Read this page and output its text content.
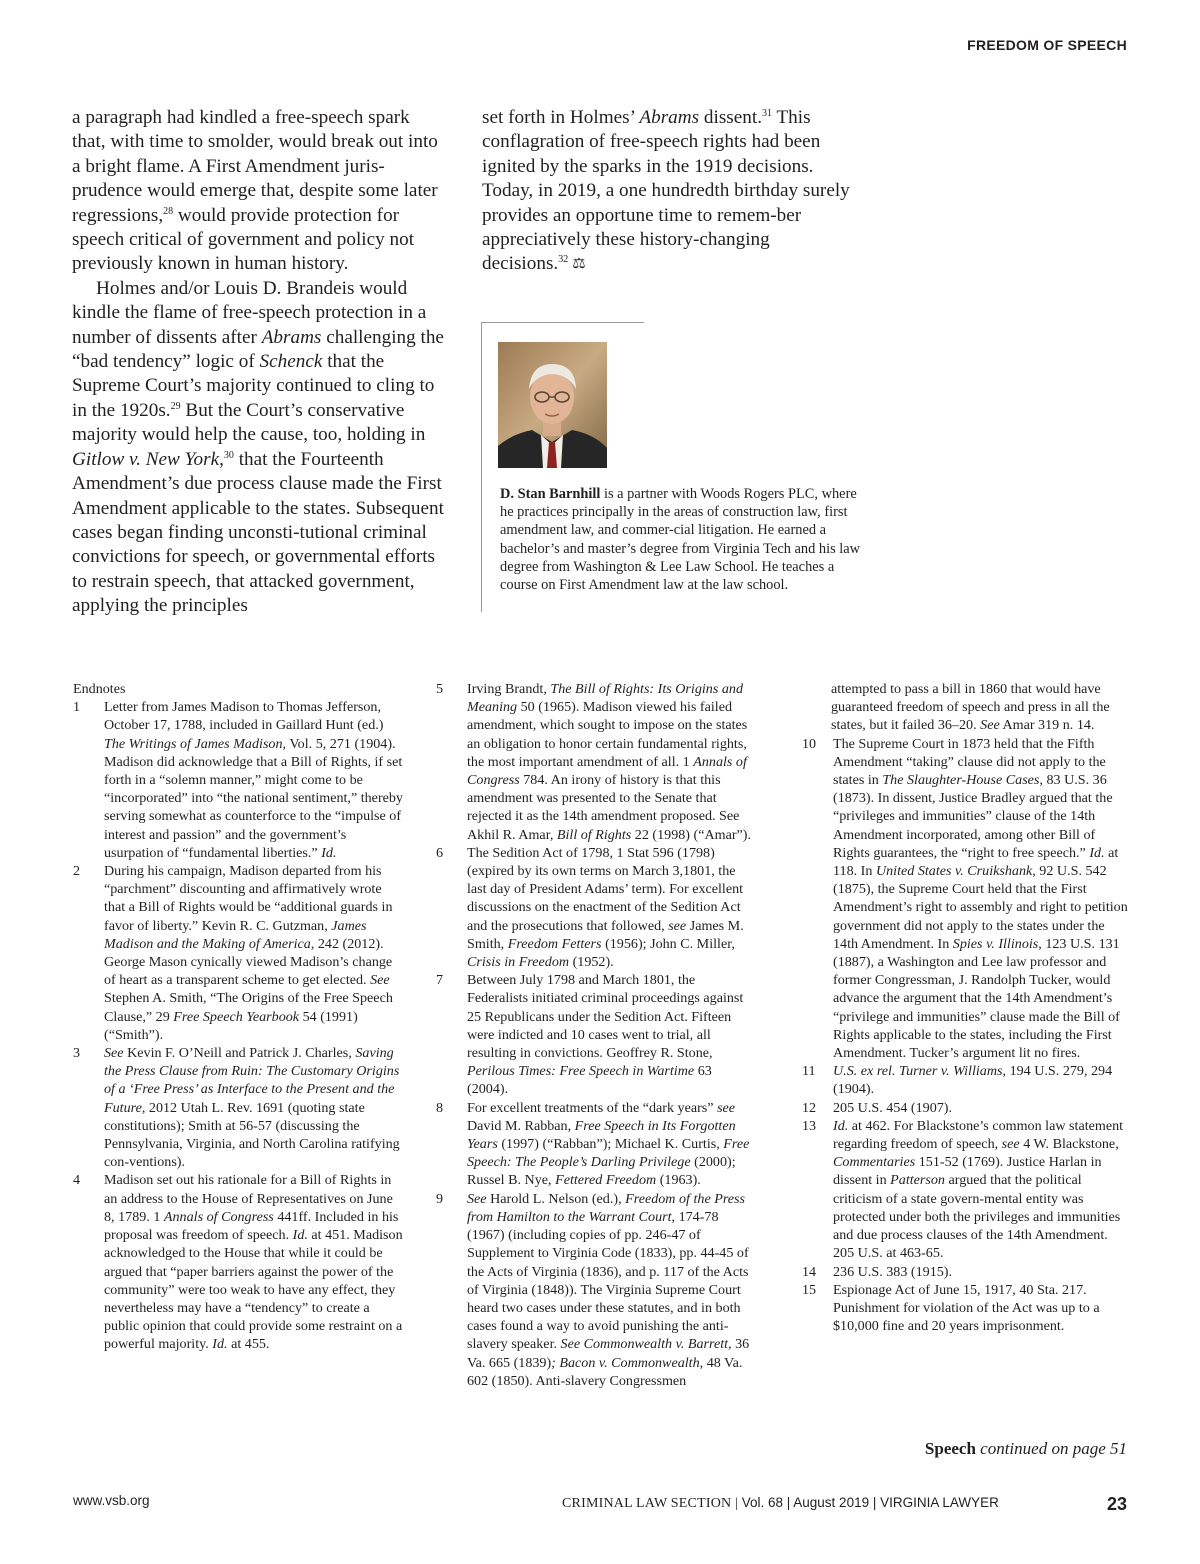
FREEDOM OF SPEECH

a paragraph had kindled a free-speech spark that, with time to smolder, would break out into a bright flame. A First Amendment juris-prudence would emerge that, despite some later regressions,$^{28}$ would provide protection for speech critical of government and policy not previously known in human history.

Holmes and/or Louis D. Brandeis would kindle the flame of free-speech protection in a number of dissents after Abrams challenging the “bad tendency” logic of Schenck that the Supreme Court’s majority continued to cling to in the 1920s.$^{29}$ But the Court’s conservative majority would help the cause, too, holding in Gitlow v. New York,$^{30}$ that the Fourteenth Amendment’s due process clause made the First Amendment applicable to the states. Subsequent cases began finding unconsti-tutional criminal convictions for speech, or governmental efforts to restrain speech, that attacked government, applying the principles

set forth in Holmes’ Abrams dissent.$^{31}$ This conflagration of free-speech rights had been ignited by the sparks in the 1919 decisions. Today, in 2019, a one hundredth birthday surely provides an opportune time to remem-ber appreciatively these history-changing decisions.$^{32}$ ⚖

D. Stan Barnhill is a partner with Woods Rogers PLC, where he practices principally in the areas of construction law, first amendment law, and commer-cial litigation. He earned a bachelor’s and master’s degree from Virginia Tech and his law degree from Washington & Lee Law School. He teaches a course on First Amendment law at the law school.

Endnotes

1	Letter from James Madison to Thomas Jefferson, October 17, 1788, included in Gaillard Hunt (ed.) The Writings of James Madison, Vol. 5, 271 (1904). Madison did acknowledge that a Bill of Rights, if set forth in a “solemn manner,” might come to be “incorporated” into “the national sentiment,” thereby serving somewhat as counterforce to the “impulse of interest and passion” and the government’s usurpation of “fundamental liberties.” Id.
2	During his campaign, Madison departed from his “parchment” discounting and affirmatively wrote that a Bill of Rights would be “additional guards in favor of liberty.” Kevin R. C. Gutzman, James Madison and the Making of America, 242 (2012). George Mason cynically viewed Madison’s change of heart as a transparent scheme to get elected. See Stephen A. Smith, “The Origins of the Free Speech Clause,” 29 Free Speech Yearbook 54 (1991) (“Smith”).
3	See Kevin F. O’Neill and Patrick J. Charles, Saving the Press Clause from Ruin: The Customary Origins of a ‘Free Press’ as Interface to the Present and the Future, 2012 Utah L. Rev. 1691 (quoting state constitutions); Smith at 56-57 (discussing the Pennsylvania, Virginia, and North Carolina ratifying con-ventions).
4	Madison set out his rationale for a Bill of Rights in an address to the House of Representatives on June 8, 1789. 1 Annals of Congress 441ff. Included in his proposal was freedom of speech. Id. at 451. Madison acknowledged to the House that while it could be argued that “paper barriers against the power of the community” were too weak to have any effect, they nevertheless may have a “tendency” to create a public opinion that could provide some restraint on a powerful majority. Id. at 455.
5	Irving Brandt, The Bill of Rights: Its Origins and Meaning 50 (1965). Madison viewed his failed amendment, which sought to impose on the states an obligation to honor certain fundamental rights, the most important amendment of all. 1 Annals of Congress 784. An irony of history is that this amendment was presented to the Senate that rejected it as the 14th amendment proposed. See Akhil R. Amar, Bill of Rights 22 (1998) (“Amar”).
6	The Sedition Act of 1798, 1 Stat 596 (1798) (expired by its own terms on March 3,1801, the last day of President Adams’ term). For excellent discussions on the enactment of the Sedition Act and the prosecutions that followed, see James M. Smith, Freedom Fetters (1956); John C. Miller, Crisis in Freedom (1952).
7	Between July 1798 and March 1801, the Federalists initiated criminal proceedings against 25 Republicans under the Sedition Act. Fifteen were indicted and 10 cases went to trial, all resulting in convictions. Geoffrey R. Stone, Perilous Times: Free Speech in Wartime 63 (2004).
8	For excellent treatments of the “dark years” see David M. Rabban, Free Speech in Its Forgotten Years (1997) (“Rabban”); Michael K. Curtis, Free Speech: The People’s Darling Privilege (2000); Russel B. Nye, Fettered Freedom (1963).
9	See Harold L. Nelson (ed.), Freedom of the Press from Hamilton to the Warrant Court, 174-78 (1967) (including copies of pp. 246-47 of Supplement to Virginia Code (1833), pp. 44-45 of the Acts of Virginia (1836), and p. 117 of the Acts of Virginia (1848)). The Virginia Supreme Court heard two cases under these statutes, and in both cases found a way to avoid punishing the anti-slavery speaker. See Commonwealth v. Barrett, 36 Va. 665 (1839); Bacon v. Commonwealth, 48 Va. 602 (1850). Anti-slavery Congressmen
attempted to pass a bill in 1860 that would have guaranteed freedom of speech and press in all the states, but it failed 36–20. See Amar 319 n. 14.
10	The Supreme Court in 1873 held that the Fifth Amendment “taking” clause did not apply to the states in The Slaughter-House Cases, 83 U.S. 36 (1873). In dissent, Justice Bradley argued that the “privileges and immunities” clause of the 14th Amendment incorporated, among other Bill of Rights guarantees, the “right to free speech.” Id. at 118. In United States v. Cruikshank, 92 U.S. 542 (1875), the Supreme Court held that the First Amendment’s right to assembly and right to petition government did not apply to the states under the 14th Amendment. In Spies v. Illinois, 123 U.S. 131 (1887), a Washington and Lee law professor and former Congressman, J. Randolph Tucker, would advance the argument that the 14th Amendment’s “privilege and immunities” clause made the Bill of Rights applicable to the states, including the First Amendment. Tucker’s argument lit no fires.
11	U.S. ex rel. Turner v. Williams, 194 U.S. 279, 294 (1904).
12	205 U.S. 454 (1907).
13	Id. at 462. For Blackstone’s common law statement regarding freedom of speech, see 4 W. Blackstone, Commentaries 151-52 (1769). Justice Harlan in dissent in Patterson argued that the political criticism of a state govern-mental entity was protected under both the privileges and immunities and due process clauses of the 14th Amendment. 205 U.S. at 463-65.
14	236 U.S. 383 (1915).
15	Espionage Act of June 15, 1917, 40 Sta. 217. Punishment for violation of the Act was up to a $10,000 fine and 20 years imprisonment.
Speech continued on page 51
www.vsb.org	CRIMINAL LAW SECTION | Vol. 68 | August 2019 | VIRGINIA LAWYER	23
